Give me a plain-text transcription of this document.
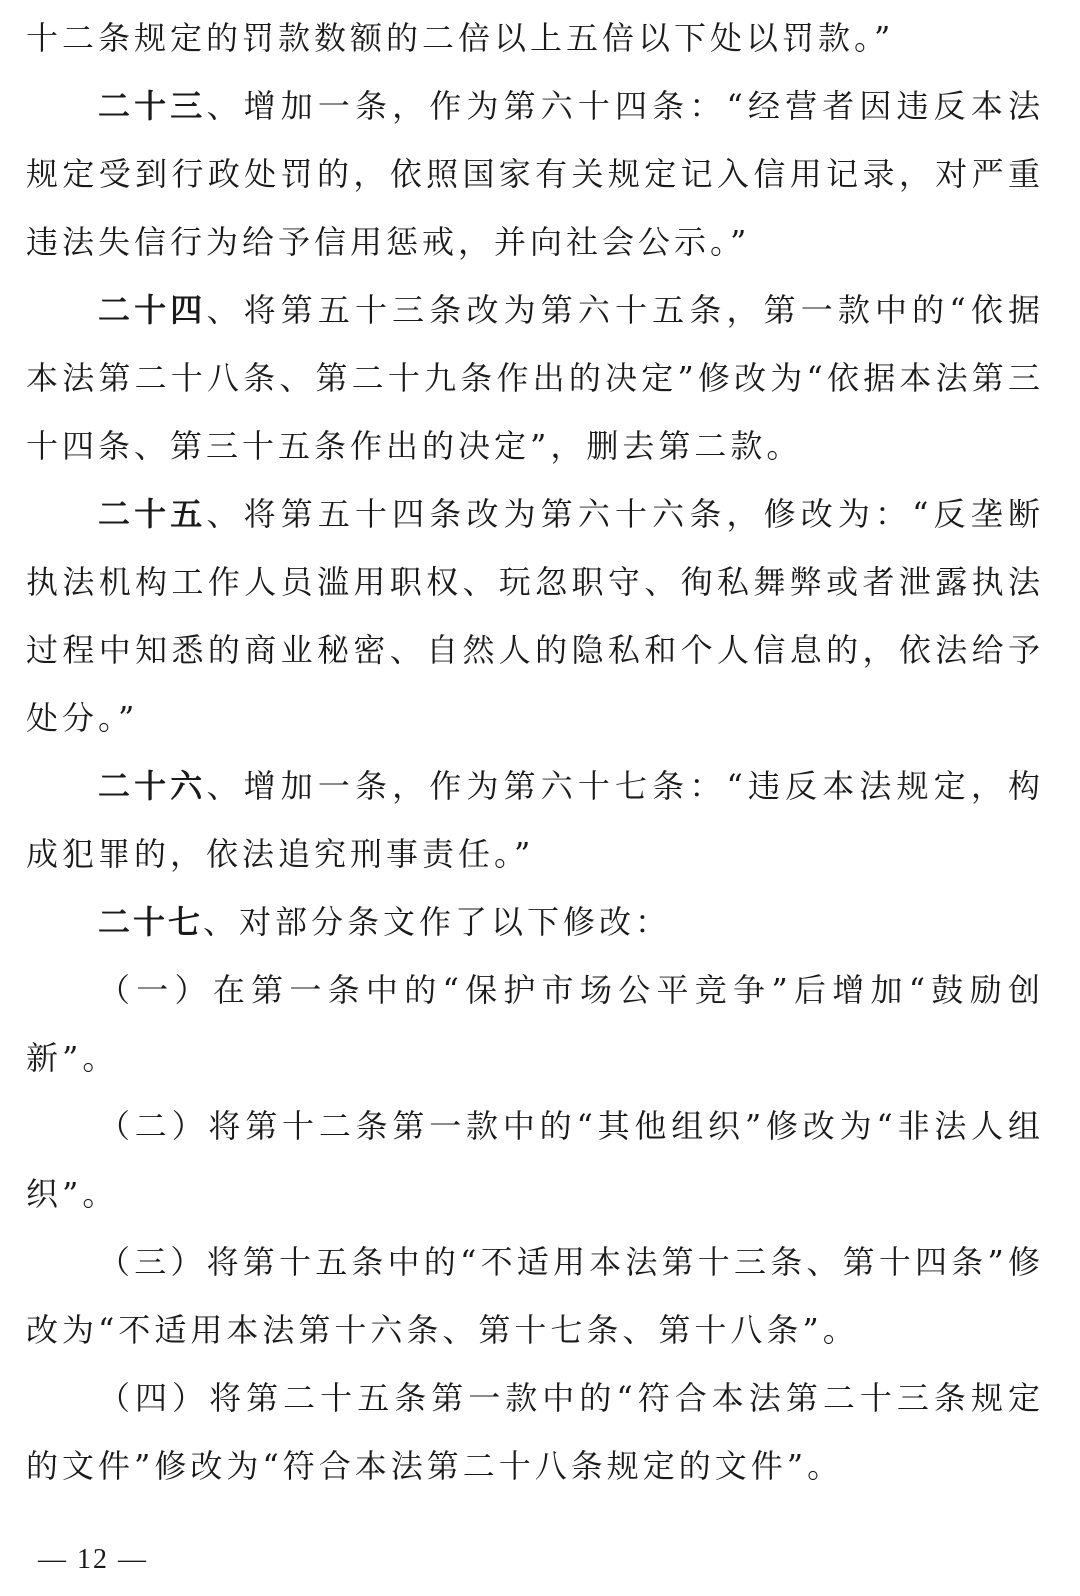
十二条规定的罚款数额的二倍以上五倍以下处以罚款。”

二十三、增加一条，作为第六十四条：“经营者因违反本法规定受到行政处罚的，依照国家有关规定记入信用记录，对严重违法失信行为给予信用惩戒，并向社会公示。”

二十四、将第五十三条改为第六十五条，第一款中的“依据本法第二十八条、第二十九条作出的决定”修改为“依据本法第三十四条、第三十五条作出的决定”，删去第二款。

二十五、将第五十四条改为第六十六条，修改为：“反垄断执法机构工作人员滥用职权、玩忽职守、徇私舞弊或者泄露执法过程中知悉的商业秘密、自然人的隐私和个人信息的，依法给予处分。”

二十六、增加一条，作为第六十七条：“违反本法规定，构成犯罪的，依法追究刑事责任。”

二十七、对部分条文作了以下修改：

（一）在第一条中的“保护市场公平竞争”后增加“鼓励创新”。

（二）将第十二条第一款中的“其他组织”修改为“非法人组织”。

（三）将第十五条中的“不适用本法第十三条、第十四条”修改为“不适用本法第十六条、第十七条、第十八条”。

（四）将第二十五条第一款中的“符合本法第二十三条规定的文件”修改为“符合本法第二十八条规定的文件”。

— 12 —
